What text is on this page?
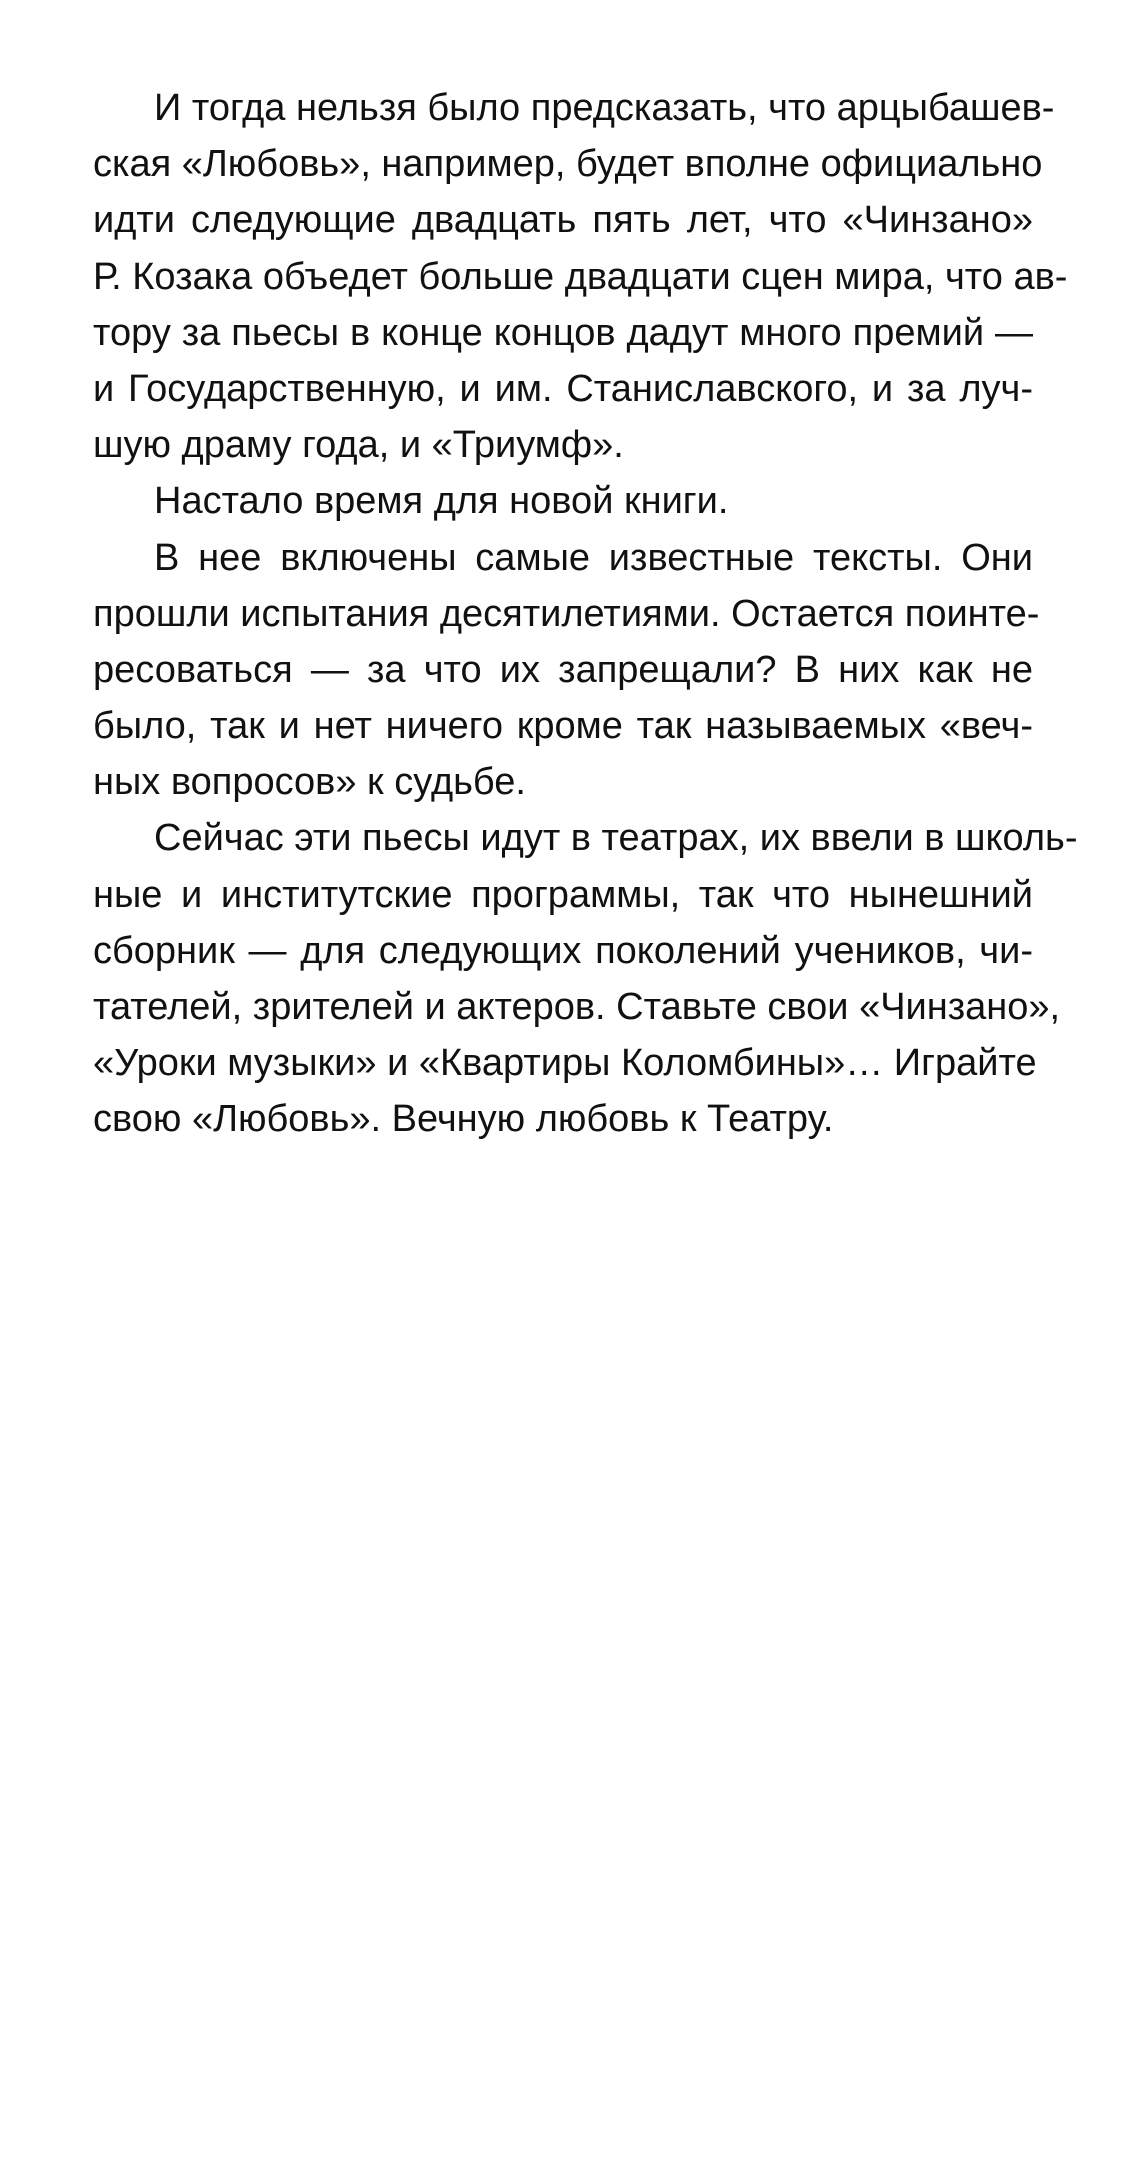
И тогда нельзя было предсказать, что арцыбашев-
ская «Любовь», например, будет вполне официально
идти следующие двадцать пять лет, что «Чинзано»
Р. Козака объедет больше двадцати сцен мира, что ав-
тору за пьесы в конце концов дадут много премий —
и Государственную, и им. Станиславского, и за луч-
шую драму года, и «Триумф».
Настало время для новой книги.
В нее включены самые известные тексты. Они
прошли испытания десятилетиями. Остается поинте-
ресоваться — за что их запрещали? В них как не
было, так и нет ничего кроме так называемых «веч-
ных вопросов» к судьбе.
Сейчас эти пьесы идут в театрах, их ввели в школь-
ные и институтские программы, так что нынешний
сборник — для следующих поколений учеников, чи-
тателей, зрителей и актеров. Ставьте свои «Чинзано»,
«Уроки музыки» и «Квартиры Коломбины»… Играйте
свою «Любовь». Вечную любовь к Театру.
